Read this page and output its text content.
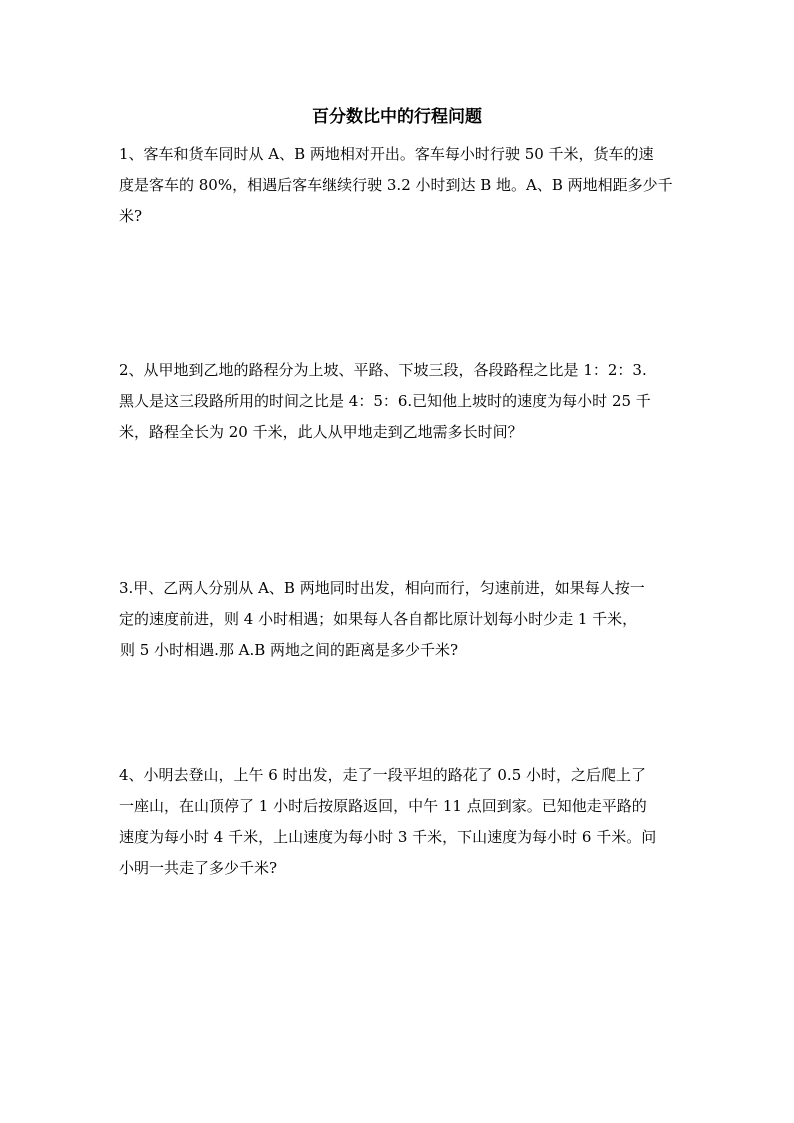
百分数比中的行程问题
1、客车和货车同时从 A、B 两地相对开出。客车每小时行驶 50 千米，货车的速
度是客车的 80%，相遇后客车继续行驶 3.2 小时到达 B 地。A、B 两地相距多少千
米?
2、从甲地到乙地的路程分为上坡、平路、下坡三段，各段路程之比是 1：2：3.
黑人是这三段路所用的时间之比是 4：5：6.已知他上坡时的速度为每小时 25 千
米，路程全长为 20 千米，此人从甲地走到乙地需多长时间？
3.甲、乙两人分别从 A、B 两地同时出发，相向而行，匀速前进，如果每人按一
定的速度前进，则 4 小时相遇；如果每人各自都比原计划每小时少走 1 千米，
则 5 小时相遇.那 A.B 两地之间的距离是多少千米?
4、小明去登山，上午 6 时出发，走了一段平坦的路花了 0.5 小时，之后爬上了
一座山，在山顶停了 1 小时后按原路返回，中午 11 点回到家。已知他走平路的
速度为每小时 4 千米，上山速度为每小时 3 千米，下山速度为每小时 6 千米。问
小明一共走了多少千米?
